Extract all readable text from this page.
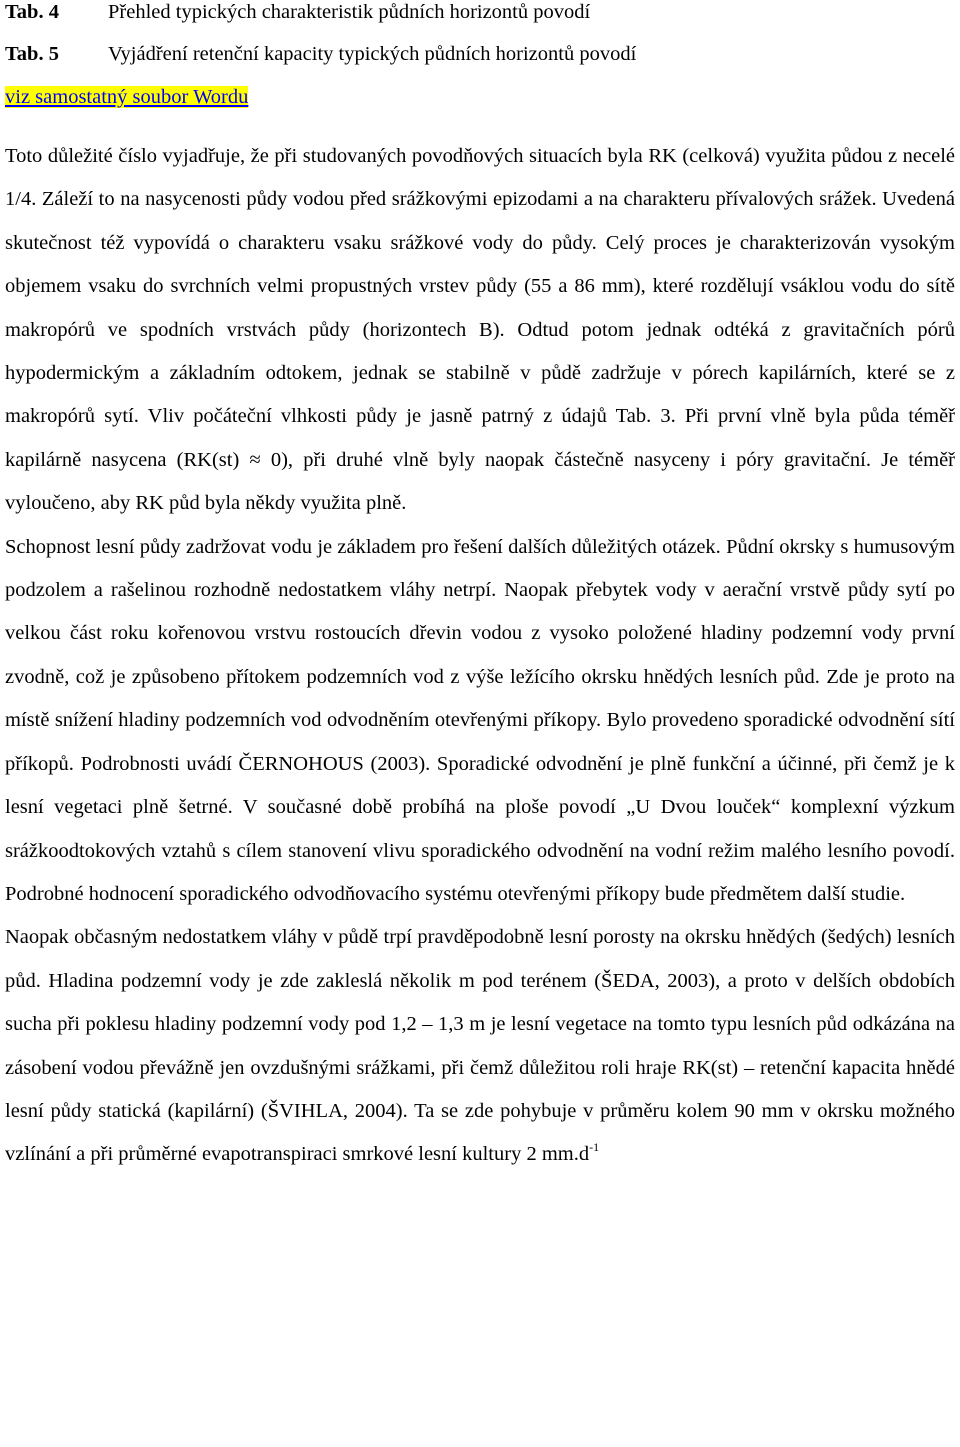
Tab. 4	Přehled typických charakteristik půdních horizontů povodí
Tab. 5	Vyjádření retenční kapacity typických půdních horizontů povodí
viz samostatný soubor Wordu

Toto důležité číslo vyjadřuje, že při studovaných povodňových situacích byla RK (celková) využita půdou z necelé 1/4. Záleží to na nasycenosti půdy vodou před srážkovými epizodami a na charakteru přívalových srážek. Uvedená skutečnost též vypovídá o charakteru vsaku srážkové vody do půdy. Celý proces je charakterizován vysokým objemem vsaku do svrchních velmi propustných vrstev půdy (55 a 86 mm), které rozdělují vsáklou vodu do sítě makropórů ve spodních vrstvách půdy (horizontech B). Odtud potom jednak odtéká z gravitačních pórů hypodermickým a základním odtokem, jednak se stabilně v půdě zadržuje v pórech kapilárních, které se z makropórů sytí. Vliv počáteční vlhkosti půdy je jasně patrný z údajů Tab. 3. Při první vlně byla půda téměř kapilárně nasycena (RK(st) ≈ 0), při druhé vlně byly naopak částečně nasyceny i póry gravitační. Je téměř vyloučeno, aby RK půd byla někdy využita plně.

Schopnost lesní půdy zadržovat vodu je základem pro řešení dalších důležitých otázek. Půdní okrsky s humusovým podzolem a rašelinou rozhodně nedostatkem vláhy netrpí. Naopak přebytek vody v aerační vrstvě půdy sytí po velkou část roku kořenovou vrstvu rostoucích dřevin vodou z vysoko položené hladiny podzemní vody první zvodně, což je způsobeno přítokem podzemních vod z výše ležícího okrsku hnědých lesních půd. Zde je proto na místě snížení hladiny podzemních vod odvodněním otevřenými příkopy. Bylo provedeno sporadické odvodnění sítí příkopů. Podrobnosti uvádí ČERNOHOUS (2003). Sporadické odvodnění je plně funkční a účinné, při čemž je k lesní vegetaci plně šetrné. V současné době probíhá na ploše povodí „U Dvou louček“ komplexní výzkum srážkoodtokových vztahů s cílem stanovení vlivu sporadického odvodnění na vodní režim malého lesního povodí. Podrobné hodnocení sporadického odvodňovacího systému otevřenými příkopy bude předmětem další studie.

Naopak občasným nedostatkem vláhy v půdě trpí pravděpodobně lesní porosty na okrsku hnědých (šedých) lesních půd. Hladina podzemní vody je zde zakleslá několik m pod terénem (ŠEDA, 2003), a proto v delších obdobích sucha při poklesu hladiny podzemní vody pod 1,2 – 1,3 m je lesní vegetace na tomto typu lesních půd odkázána na zásobení vodou převážně jen ovzdušnými srážkami, při čemž důležitou roli hraje RK(st) – retenční kapacita hnědé lesní půdy statická (kapilární) (ŠVIHLA, 2004). Ta se zde pohybuje v průměru kolem 90 mm v okrsku možného vzlínání a při průměrné evapotranspiraci smrkové lesní kultury 2 $mm.d^{-1}$
